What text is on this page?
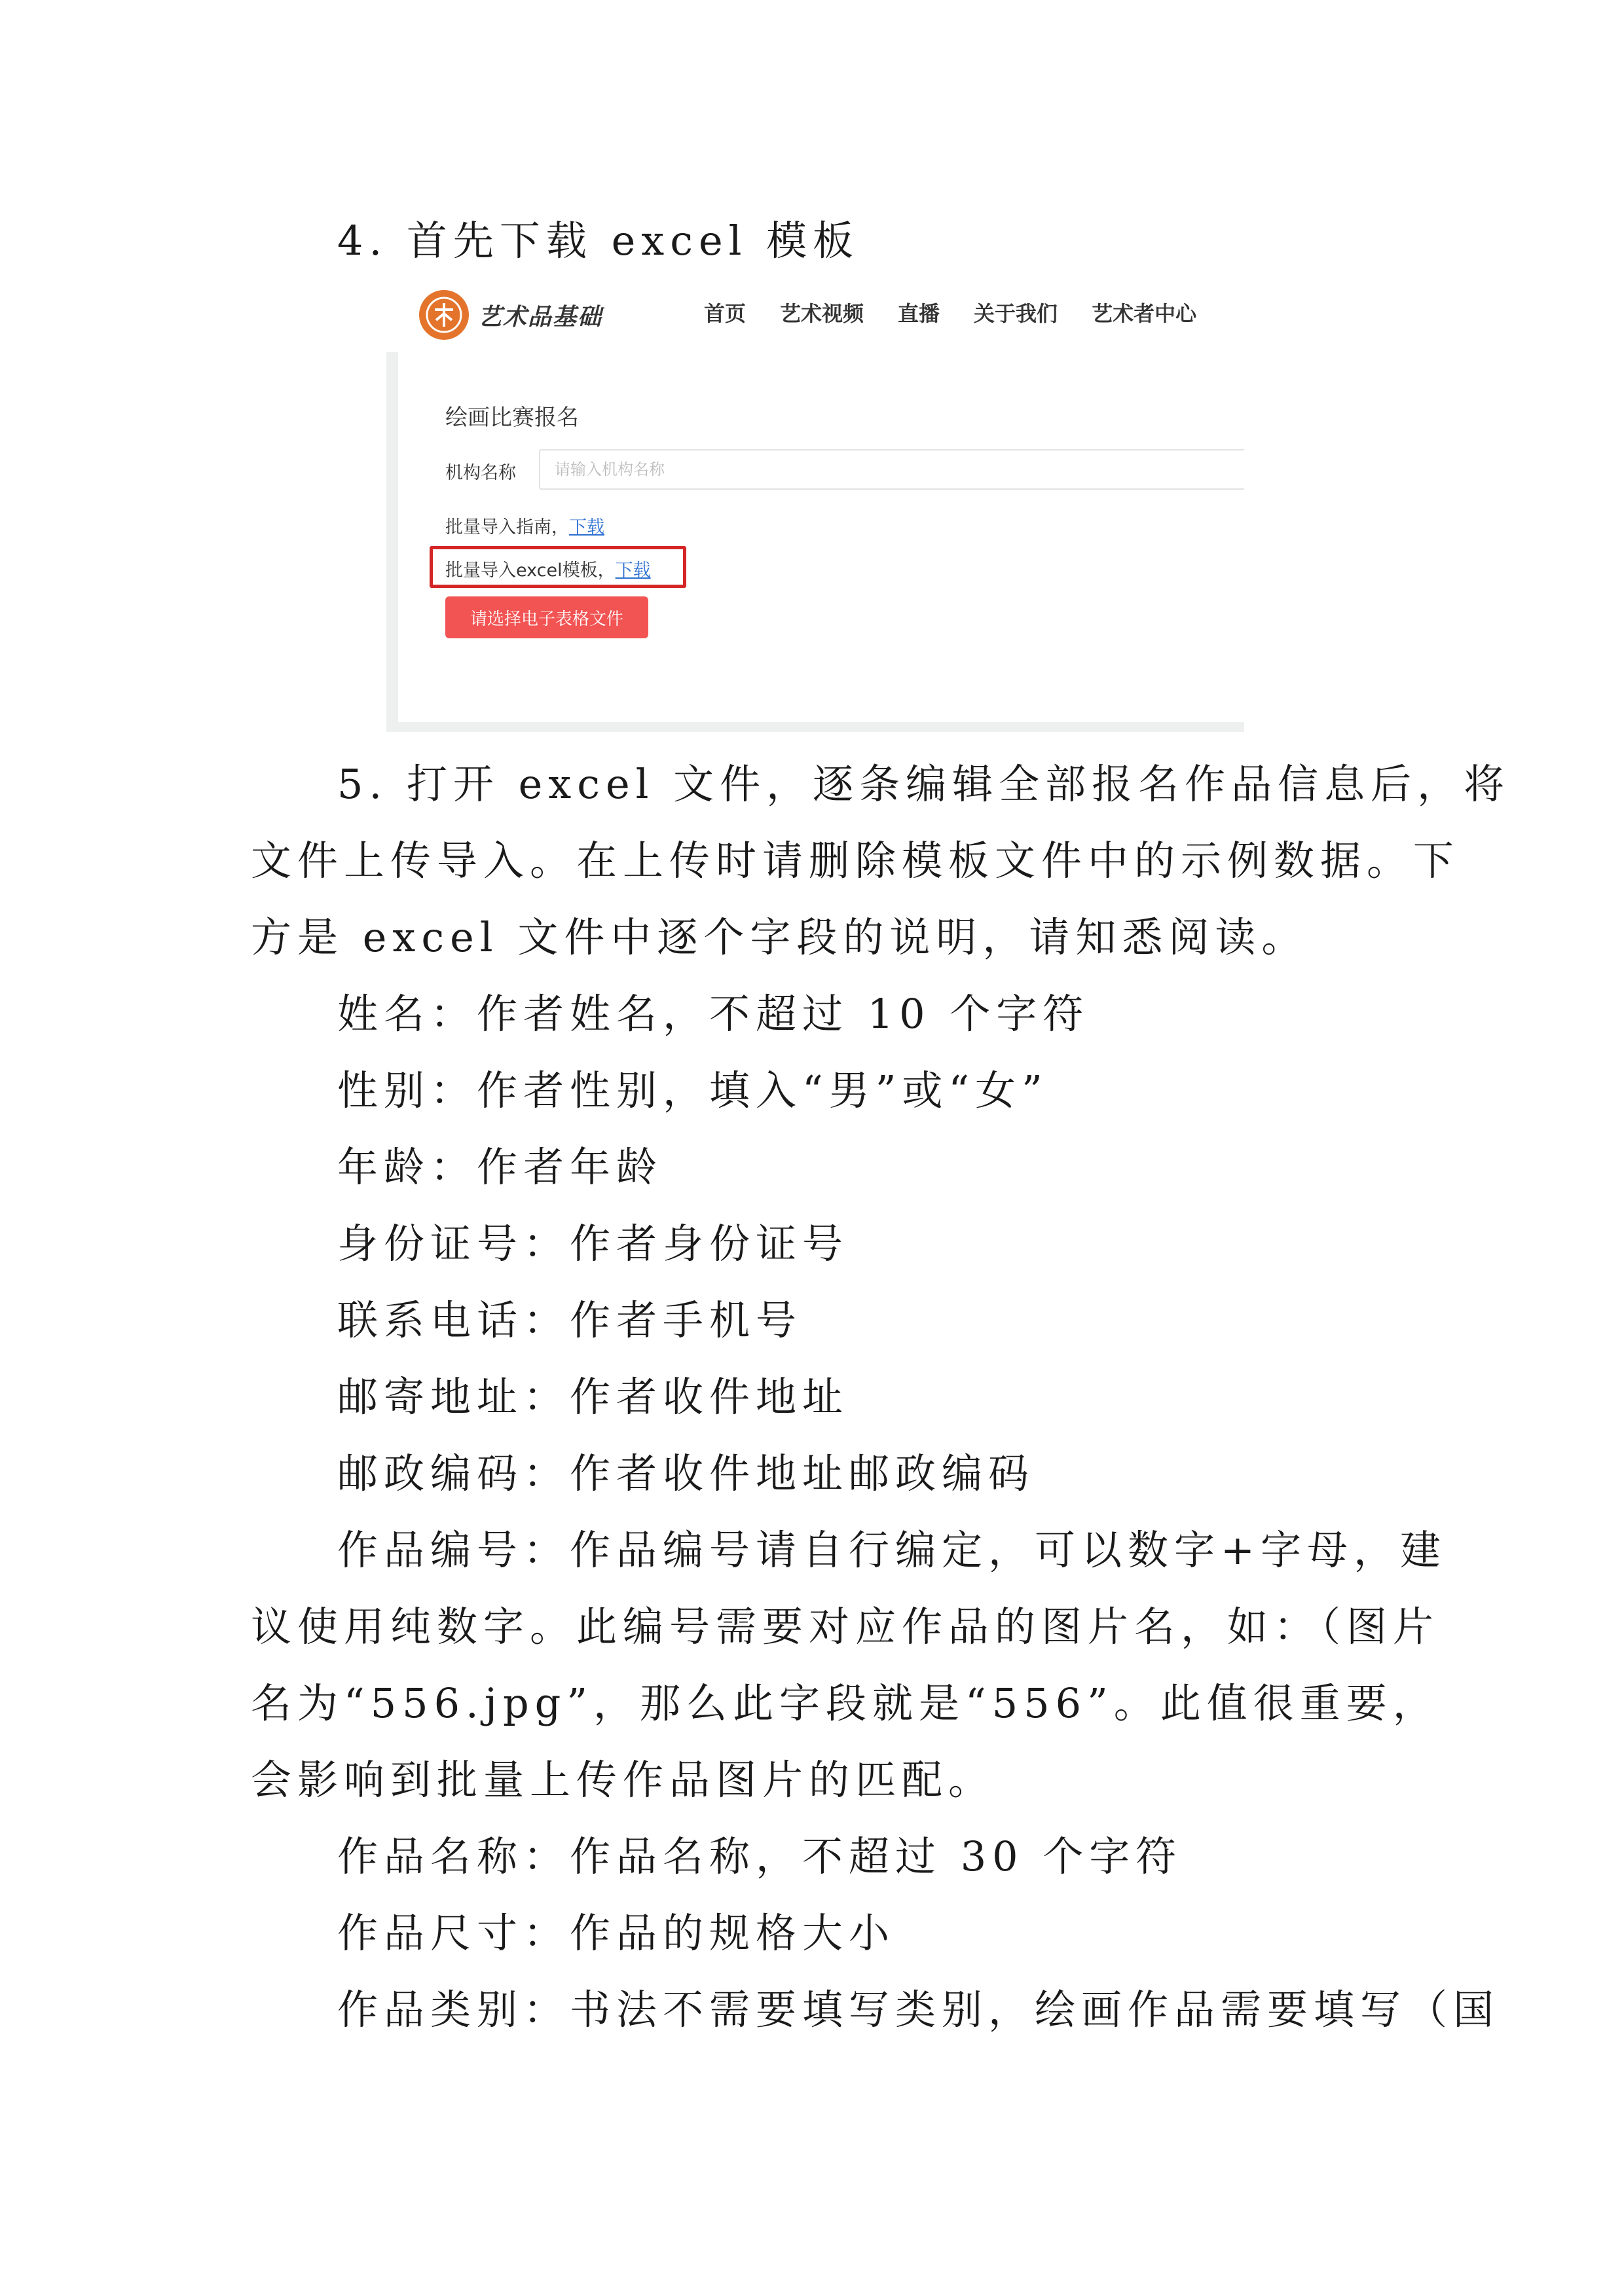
4. 首先下载 excel 模板

艺术品基础	首页 艺术视频 直播 关于我们 艺术者中心
绘画比赛报名
机构名称	请输入机构名称
批量导入指南，下载
批量导入excel模板，下载
请选择电子表格文件

5. 打开 excel 文件，逐条编辑全部报名作品信息后，将

文件上传导入。在上传时请删除模板文件中的示例数据。下

方是 excel 文件中逐个字段的说明，请知悉阅读。

姓名：作者姓名，不超过 10 个字符

性别：作者性别，填入“男”或“女”

年龄：作者年龄

身份证号：作者身份证号

联系电话：作者手机号

邮寄地址：作者收件地址

邮政编码：作者收件地址邮政编码

作品编号：作品编号请自行编定，可以数字+字母，建

议使用纯数字。此编号需要对应作品的图片名，如：（图片

名为“556.jpg”，那么此字段就是“556”。此值很重要，

会影响到批量上传作品图片的匹配。

作品名称：作品名称，不超过 30 个字符

作品尺寸：作品的规格大小

作品类别：书法不需要填写类别，绘画作品需要填写（国
